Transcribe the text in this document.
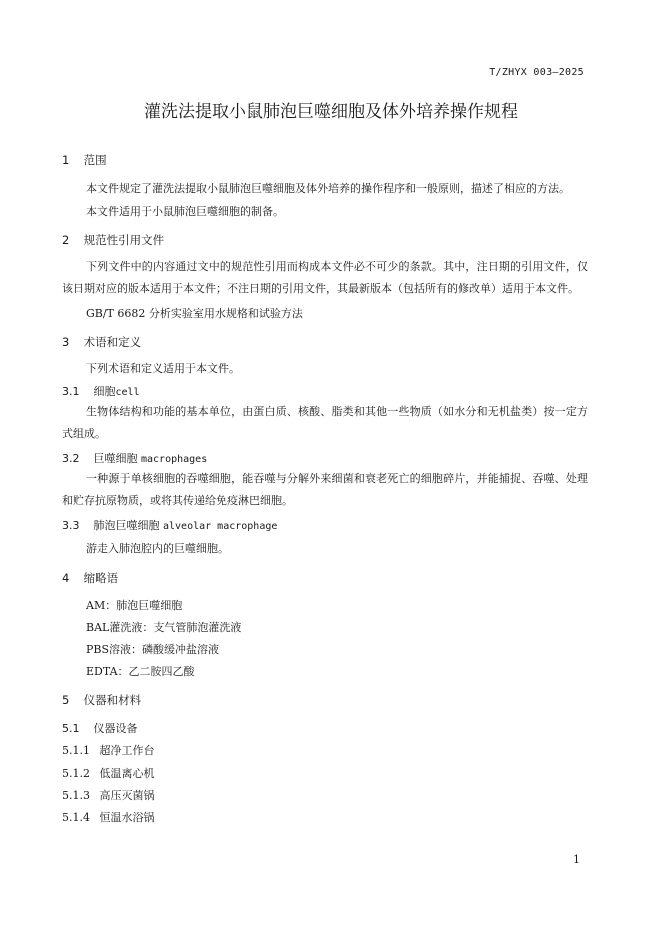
T/ZHYX 003—2025
灌洗法提取小鼠肺泡巨噬细胞及体外培养操作规程
1 范围
本文件规定了灌洗法提取小鼠肺泡巨噬细胞及体外培养的操作程序和一般原则，描述了相应的方法。
本文件适用于小鼠肺泡巨噬细胞的制备。
2 规范性引用文件
下列文件中的内容通过文中的规范性引用而构成本文件必不可少的条款。其中，注日期的引用文件，仅该日期对应的版本适用于本文件；不注日期的引用文件，其最新版本（包括所有的修改单）适用于本文件。
GB/T 6682 分析实验室用水规格和试验方法
3 术语和定义
下列术语和定义适用于本文件。
3.1 细胞cell
生物体结构和功能的基本单位，由蛋白质、核酸、脂类和其他一些物质（如水分和无机盐类）按一定方式组成。
3.2 巨噬细胞 macrophages
一种源于单核细胞的吞噬细胞，能吞噬与分解外来细菌和衰老死亡的细胞碎片，并能捕捉、吞噬、处理和贮存抗原物质，或将其传递给免疫淋巴细胞。
3.3 肺泡巨噬细胞 alveolar macrophage
游走入肺泡腔内的巨噬细胞。
4 缩略语
AM：肺泡巨噬细胞
BAL灌洗液：支气管肺泡灌洗液
PBS溶液：磷酸缓冲盐溶液
EDTA：乙二胺四乙酸
5 仪器和材料
5.1 仪器设备
5.1.1 超净工作台
5.1.2 低温离心机
5.1.3 高压灭菌锅
5.1.4 恒温水浴锅
1
